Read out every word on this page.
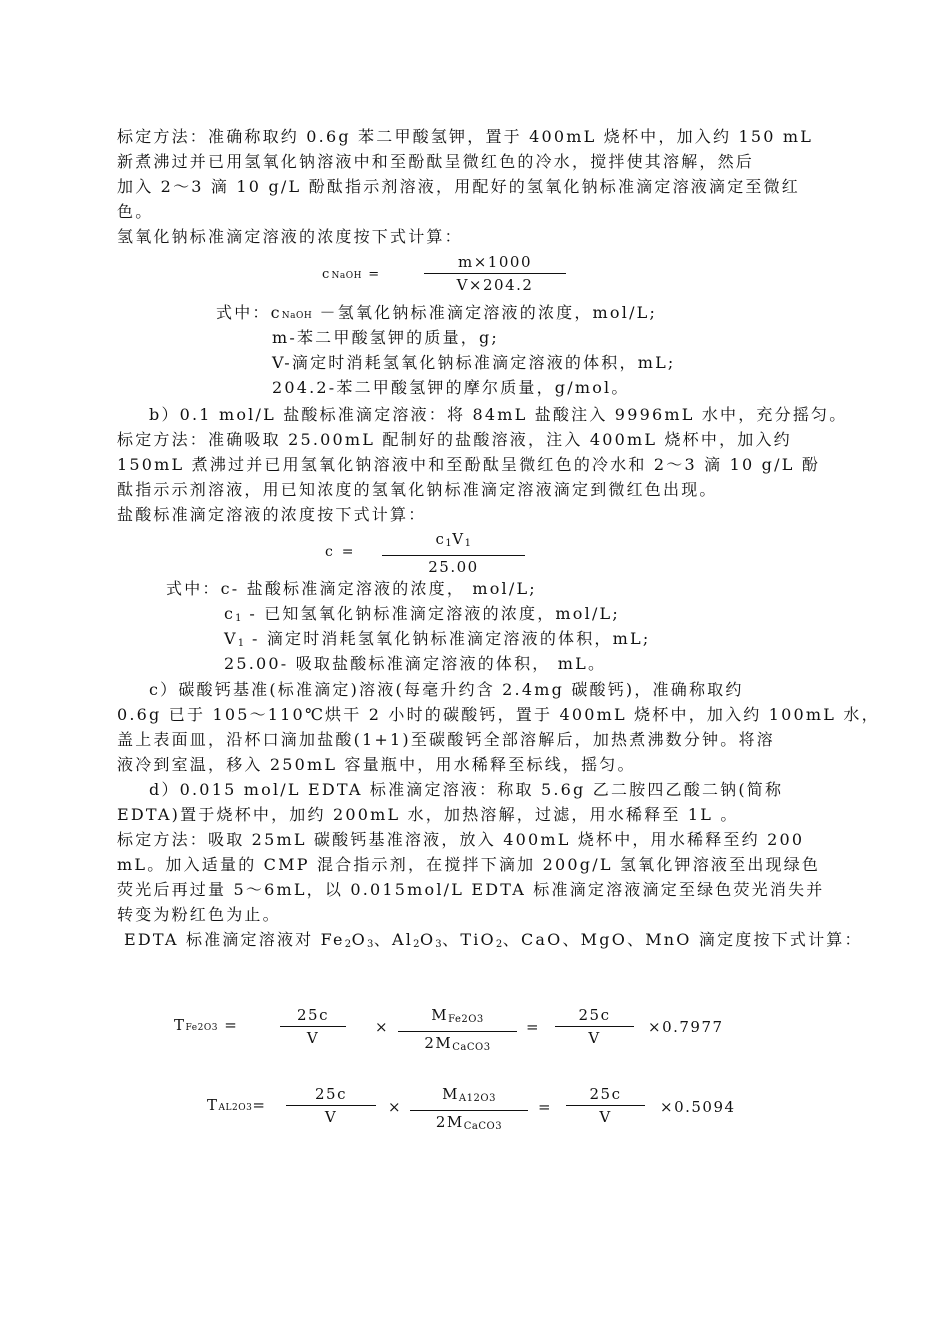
标定方法：准确称取约 0.6g 苯二甲酸氢钾，置于 400mL 烧杯中，加入约 150 mL

新煮沸过并已用氢氧化钠溶液中和至酚酞呈微红色的冷水，搅拌使其溶解，然后

加入 2～3 滴 10 g/L 酚酞指示剂溶液，用配好的氢氧化钠标准滴定溶液滴定至微红

色。

氢氧化钠标准滴定溶液的浓度按下式计算：

cNaOH =	$\frac{m\times 1000}{V\times 204.2}$
式中：cNaOH －氢氧化钠标准滴定溶液的浓度，mol/L;

m-苯二甲酸氢钾的质量，g;

V-滴定时消耗氢氧化钠标准滴定溶液的体积，mL;

204.2-苯二甲酸氢钾的摩尔质量，g/mol。

b）0.1 mol/L 盐酸标准滴定溶液：将 84mL 盐酸注入 9996mL 水中，充分摇匀。

标定方法：准确吸取 25.00mL 配制好的盐酸溶液，注入 400mL 烧杯中，加入约

150mL 煮沸过并已用氢氧化钠溶液中和至酚酞呈微红色的冷水和 2～3 滴 10 g/L 酚

酞指示示剂溶液，用已知浓度的氢氧化钠标准滴定溶液滴定到微红色出现。

盐酸标准滴定溶液的浓度按下式计算：

$c = \frac{c_1V_1}{25.00}$

式中：c- 盐酸标准滴定溶液的浓度， mol/L;

$c_1$ - 已知氢氧化钠标准滴定溶液的浓度，mol/L;
$V_1$ - 滴定时消耗氢氧化钠标准滴定溶液的体积，mL;

25.00- 吸取盐酸标准滴定溶液的体积， mL。

c）碳酸钙基准(标准滴定)溶液(每毫升约含 2.4mg 碳酸钙)，准确称取约

0.6g 已于 105～110℃烘干 2 小时的碳酸钙，置于 400mL 烧杯中，加入约 100mL 水，

盖上表面皿，沿杯口滴加盐酸(1+1)至碳酸钙全部溶解后，加热煮沸数分钟。将溶

液冷到室温，移入 250mL 容量瓶中，用水稀释至标线，摇匀。

d）0.015 mol/L EDTA 标准滴定溶液：称取 5.6g 乙二胺四乙酸二钠(简称

EDTA)置于烧杯中，加约 200mL 水，加热溶解，过滤，用水稀释至 1L 。

标定方法：吸取 25mL 碳酸钙基准溶液，放入 400mL 烧杯中，用水稀释至约 200

mL。加入适量的 CMP 混合指示剂，在搅拌下滴加 200g/L 氢氧化钾溶液至出现绿色

荧光后再过量 5～6mL，以 0.015mol/L EDTA 标准滴定溶液滴定至绿色荧光消失并

转变为粉红色为止。

EDTA 标准滴定溶液对 $Fe_2O_3$、$Al_2O_3$、TiO$_2$、CaO、MgO、MnO 滴定度按下式计算：
TFe2O3 =	$\frac{25c}{V}$ ×
$M_{Fe2O3}$
$2M_{CaCO3}$
= $\frac{25c}{V} \times 0.7977$
$TAL2O3= \frac{25c}{V}$ ×
$M_{A12O3}$
$2M_{CaCO3}$
= $\frac{25c}{V} \times 0.5094$
